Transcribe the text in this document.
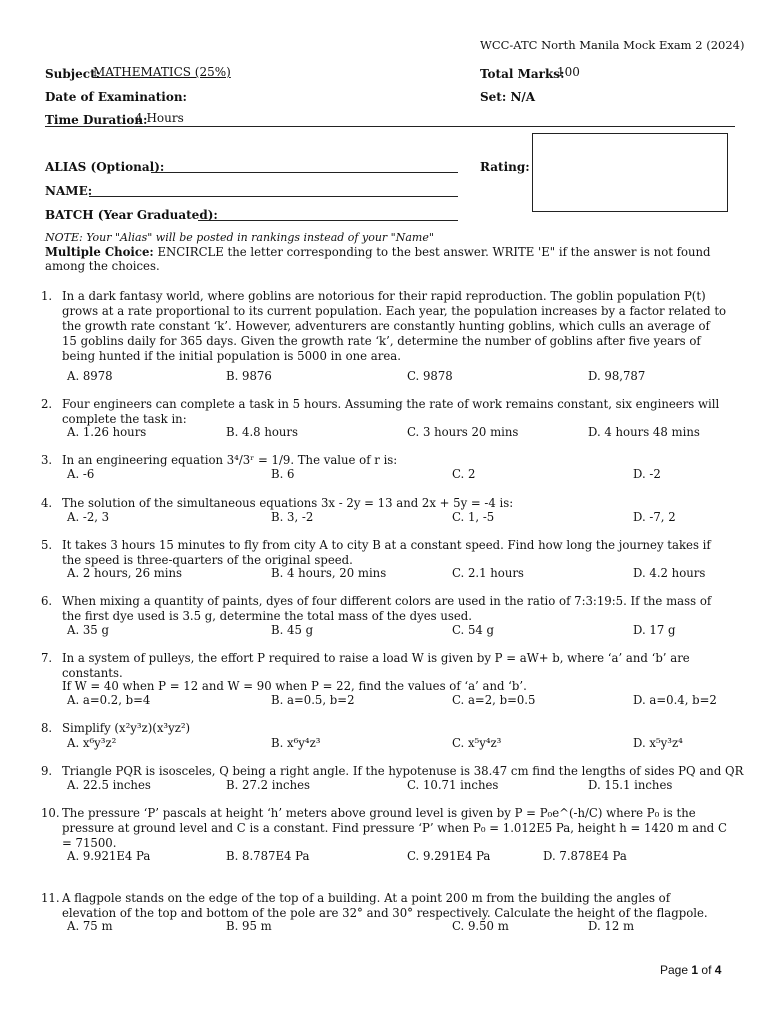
WCC-ATC North Manila Mock Exam 2 (2024)
Subject:
MATHEMATICS (25%)	Total Marks:
100
Date of Examination:	Set: N/A
Time Duration:
4 Hours
ALIAS (Optional):
NAME:
BATCH (Year Graduated):
Rating:
NOTE: Your "Alias" will be posted in rankings instead of your "Name"
Multiple Choice: ENCIRCLE the letter corresponding to the best answer. WRITE 'E" if the answer is not found among the choices.
1. In a dark fantasy world, where goblins are notorious for their rapid reproduction. The goblin population P(t) grows at a rate proportional to its current population. Each year, the population increases by a factor related to the growth rate constant ‘k’. However, adventurers are constantly hunting goblins, which culls an average of 15 goblins daily for 365 days. Given the growth rate ‘k’, determine the number of goblins after five years of being hunted if the initial population is 5000 in one area.
A. 8978	B. 9876	C. 9878	D. 98,787
2. Four engineers can complete a task in 5 hours. Assuming the rate of work remains constant, six engineers will complete the task in:
A. 1.26 hours	B. 4.8 hours	C. 3 hours 20 mins	D. 4 hours 48 mins
3. In an engineering equation 3⁴/3ʳ = 1/9. The value of r is:
A. -6	B. 6	C. 2	D. -2
4. The solution of the simultaneous equations 3x - 2y = 13 and 2x + 5y = -4 is:
A. -2, 3	B. 3, -2	C. 1, -5	D. -7, 2
5. It takes 3 hours 15 minutes to fly from city A to city B at a constant speed. Find how long the journey takes if the speed is three-quarters of the original speed.
A. 2 hours, 26 mins	B. 4 hours, 20 mins	C. 2.1 hours	D. 4.2 hours
6. When mixing a quantity of paints, dyes of four different colors are used in the ratio of 7:3:19:5. If the mass of the first dye used is 3.5 g, determine the total mass of the dyes used.
A. 35 g	B. 45 g	C. 54 g	D. 17 g
7. In a system of pulleys, the effort P required to raise a load W is given by P = aW+ b, where ‘a’ and ‘b’ are constants.
If W = 40 when P = 12 and W = 90 when P = 22, find the values of ‘a’ and ‘b’.
A. a=0.2, b=4	B. a=0.5, b=2	C. a=2, b=0.5	D. a=0.4, b=2
8. Simplify (x²y³z)(x³yz²)
A. x⁶y³z²	B. x⁶y⁴z³	C. x⁵y⁴z³	D. x⁵y³z⁴
9. Triangle PQR is isosceles, Q being a right angle. If the hypotenuse is 38.47 cm find the lengths of sides PQ and QR
A. 22.5 inches	B. 27.2 inches	C. 10.71 inches	D. 15.1 inches
10. The pressure ‘P’ pascals at height ‘h’ meters above ground level is given by P = P₀e^(-h/C) where P₀ is the pressure at ground level and C is a constant. Find pressure ‘P’ when P₀ = 1.012E5 Pa, height h = 1420 m and C = 71500.
A. 9.921E4 Pa	B. 8.787E4 Pa	C. 9.291E4 Pa	D. 7.878E4 Pa
11. A flagpole stands on the edge of the top of a building. At a point 200 m from the building the angles of elevation of the top and bottom of the pole are 32° and 30° respectively. Calculate the height of the flagpole.
A. 75 m	B. 95 m	C. 9.50 m	D. 12 m
Page 1 of 4
